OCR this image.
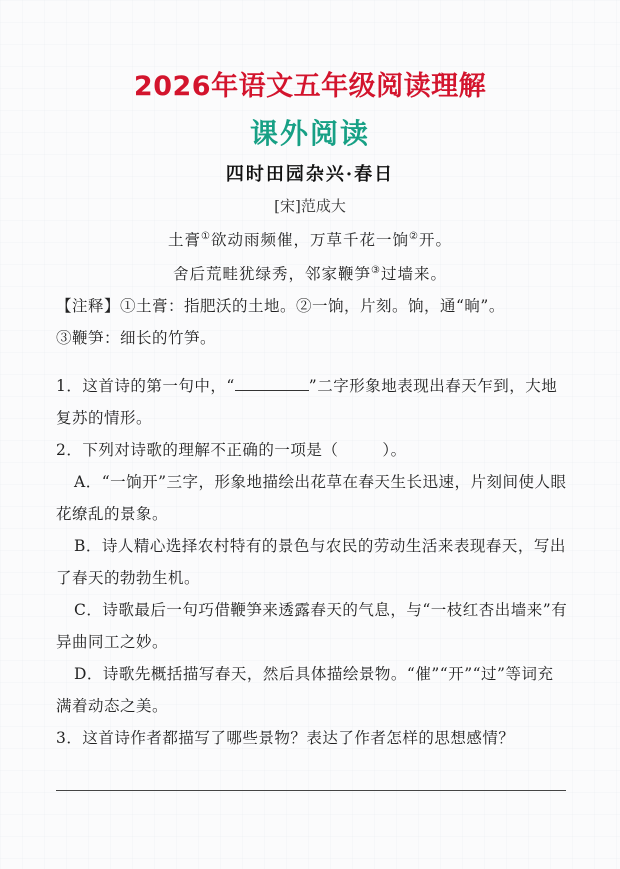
2026年语文五年级阅读理解
课外阅读
四时田园杂兴·春日
[宋]范成大
土膏①欲动雨频催，万草千花一饷②开。
舍后荒畦犹绿秀，邻家鞭笋③过墙来。

【注释】①土膏：指肥沃的土地。②一饷，片刻。饷，通“晌”。

③鞭笋：细长的竹笋。

1．这首诗的第一句中，“	”二字形象地表现出春天乍到，大地复苏的情形。

2．下列对诗歌的理解不正确的一项是（	）。

A．“一饷开”三字，形象地描绘出花草在春天生长迅速，片刻间使人眼花缭乱的景象。

B．诗人精心选择农村特有的景色与农民的劳动生活来表现春天，写出了春天的勃勃生机。

C．诗歌最后一句巧借鞭笋来透露春天的气息，与“一枝红杏出墙来”有异曲同工之妙。

D．诗歌先概括描写春天，然后具体描绘景物。“催”“开”“过”等词充满着动态之美。

3．这首诗作者都描写了哪些景物？表达了作者怎样的思想感情？
